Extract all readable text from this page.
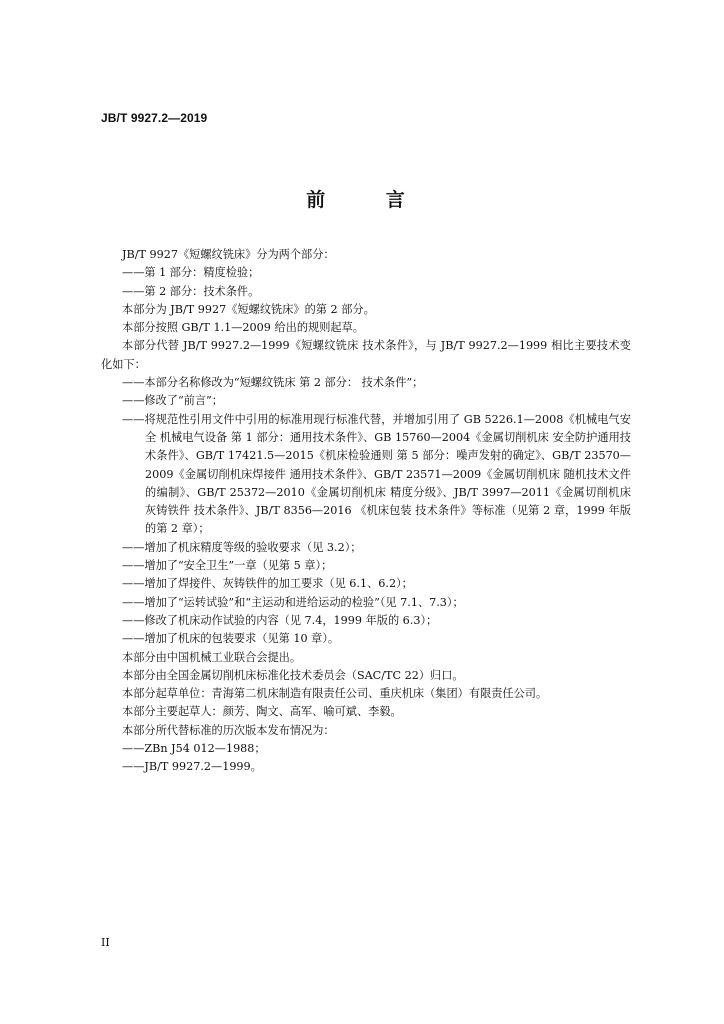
JB/T 9927.2—2019
前 言

JB/T 9927《短螺纹铣床》分为两个部分：

——第 1 部分：精度检验；

——第 2 部分：技术条件。

本部分为 JB/T 9927《短螺纹铣床》的第 2 部分。

本部分按照 GB/T 1.1—2009 给出的规则起草。

本部分代替 JB/T 9927.2—1999《短螺纹铣床 技术条件》，与 JB/T 9927.2—1999 相比主要技术变化如下：

——本部分名称修改为“短螺纹铣床 第 2 部分： 技术条件”；

——修改了“前言”；

——将规范性引用文件中引用的标准用现行标准代替，并增加引用了 GB 5226.1—2008《机械电气安全 机械电气设备 第 1 部分：通用技术条件》、GB 15760—2004《金属切削机床 安全防护通用技术条件》、GB/T 17421.5—2015《机床检验通则 第 5 部分：噪声发射的确定》、GB/T 23570—2009《金属切削机床焊接件 通用技术条件》、GB/T 23571—2009《金属切削机床 随机技术文件的编制》、GB/T 25372—2010《金属切削机床 精度分级》、JB/T 3997—2011《金属切削机床灰铸铁件 技术条件》、JB/T 8356—2016 《机床包装 技术条件》等标准（见第 2 章，1999 年版的第 2 章）；

——增加了机床精度等级的验收要求（见 3.2）；

——增加了“安全卫生”一章（见第 5 章）；

——增加了焊接件、灰铸铁件的加工要求（见 6.1、6.2）；

——增加了“运转试验”和“主运动和进给运动的检验”（见 7.1、7.3）；

——修改了机床动作试验的内容（见 7.4，1999 年版的 6.3）；

——增加了机床的包装要求（见第 10 章）。

本部分由中国机械工业联合会提出。

本部分由全国金属切削机床标准化技术委员会（SAC/TC 22）归口。

本部分起草单位：青海第二机床制造有限责任公司、重庆机床（集团）有限责任公司。

本部分主要起草人：颜芳、陶文、高军、喻可斌、李毅。

本部分所代替标准的历次版本发布情况为：

——ZBn J54 012—1988；

——JB/T 9927.2—1999。

II
